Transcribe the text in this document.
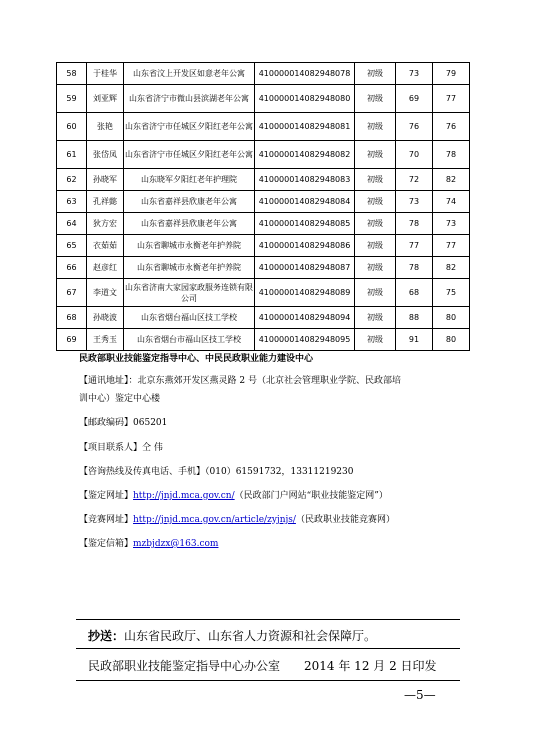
58	于桂华	山东省汶上开发区如意老年公寓	410000014082948078	初级	73	79
59	刘亚辉	山东省济宁市微山县滨湖老年公寓	410000014082948080	初级	69	77
60	张艳	山东省济宁市任城区夕阳红老年公寓	410000014082948081	初级	76	76
61	张岱凤	山东省济宁市任城区夕阳红老年公寓	410000014082948082	初级	70	78
62	孙晓军	山东晓军夕阳红老年护理院	410000014082948083	初级	72	82
63	孔祥懿	山东省嘉祥县欣康老年公寓	410000014082948084	初级	73	74
64	狄方宏	山东省嘉祥县欣康老年公寓	410000014082948085	初级	78	73
65	衣茹茹	山东省聊城市永衡老年护养院	410000014082948086	初级	77	77
66	赵彦红	山东省聊城市永衡老年护养院	410000014082948087	初级	78	82
67	李道文	山东省济南大家园家政服务连锁有限公司	410000014082948089	初级	68	75
68	孙晓波	山东省烟台福山区技工学校	410000014082948094	初级	88	80
69	王秀玉	山东省烟台市福山区技工学校	410000014082948095	初级	91	80
民政部职业技能鉴定指导中心、中民民政职业能力建设中心
【通讯地址】：北京东燕郊开发区燕灵路 2 号（北京社会管理职业学院、民政部培
训中心）鉴定中心楼
【邮政编码】065201
【项目联系人】仝 伟
【咨询热线及传真电话、手机】（010）61591732，13311219230
【鉴定网址】http://jnjd.mca.gov.cn/（民政部门户网站“职业技能鉴定网”）
【竞赛网址】http://jnjd.mca.gov.cn/article/zyjnjs/（民政职业技能竞赛网）
【鉴定信箱】mzbjdzx@163.com
抄送：山东省民政厅、山东省人力资源和社会保障厅。
民政部职业技能鉴定指导中心办公室 2014 年 12 月 2 日印发
—5—
